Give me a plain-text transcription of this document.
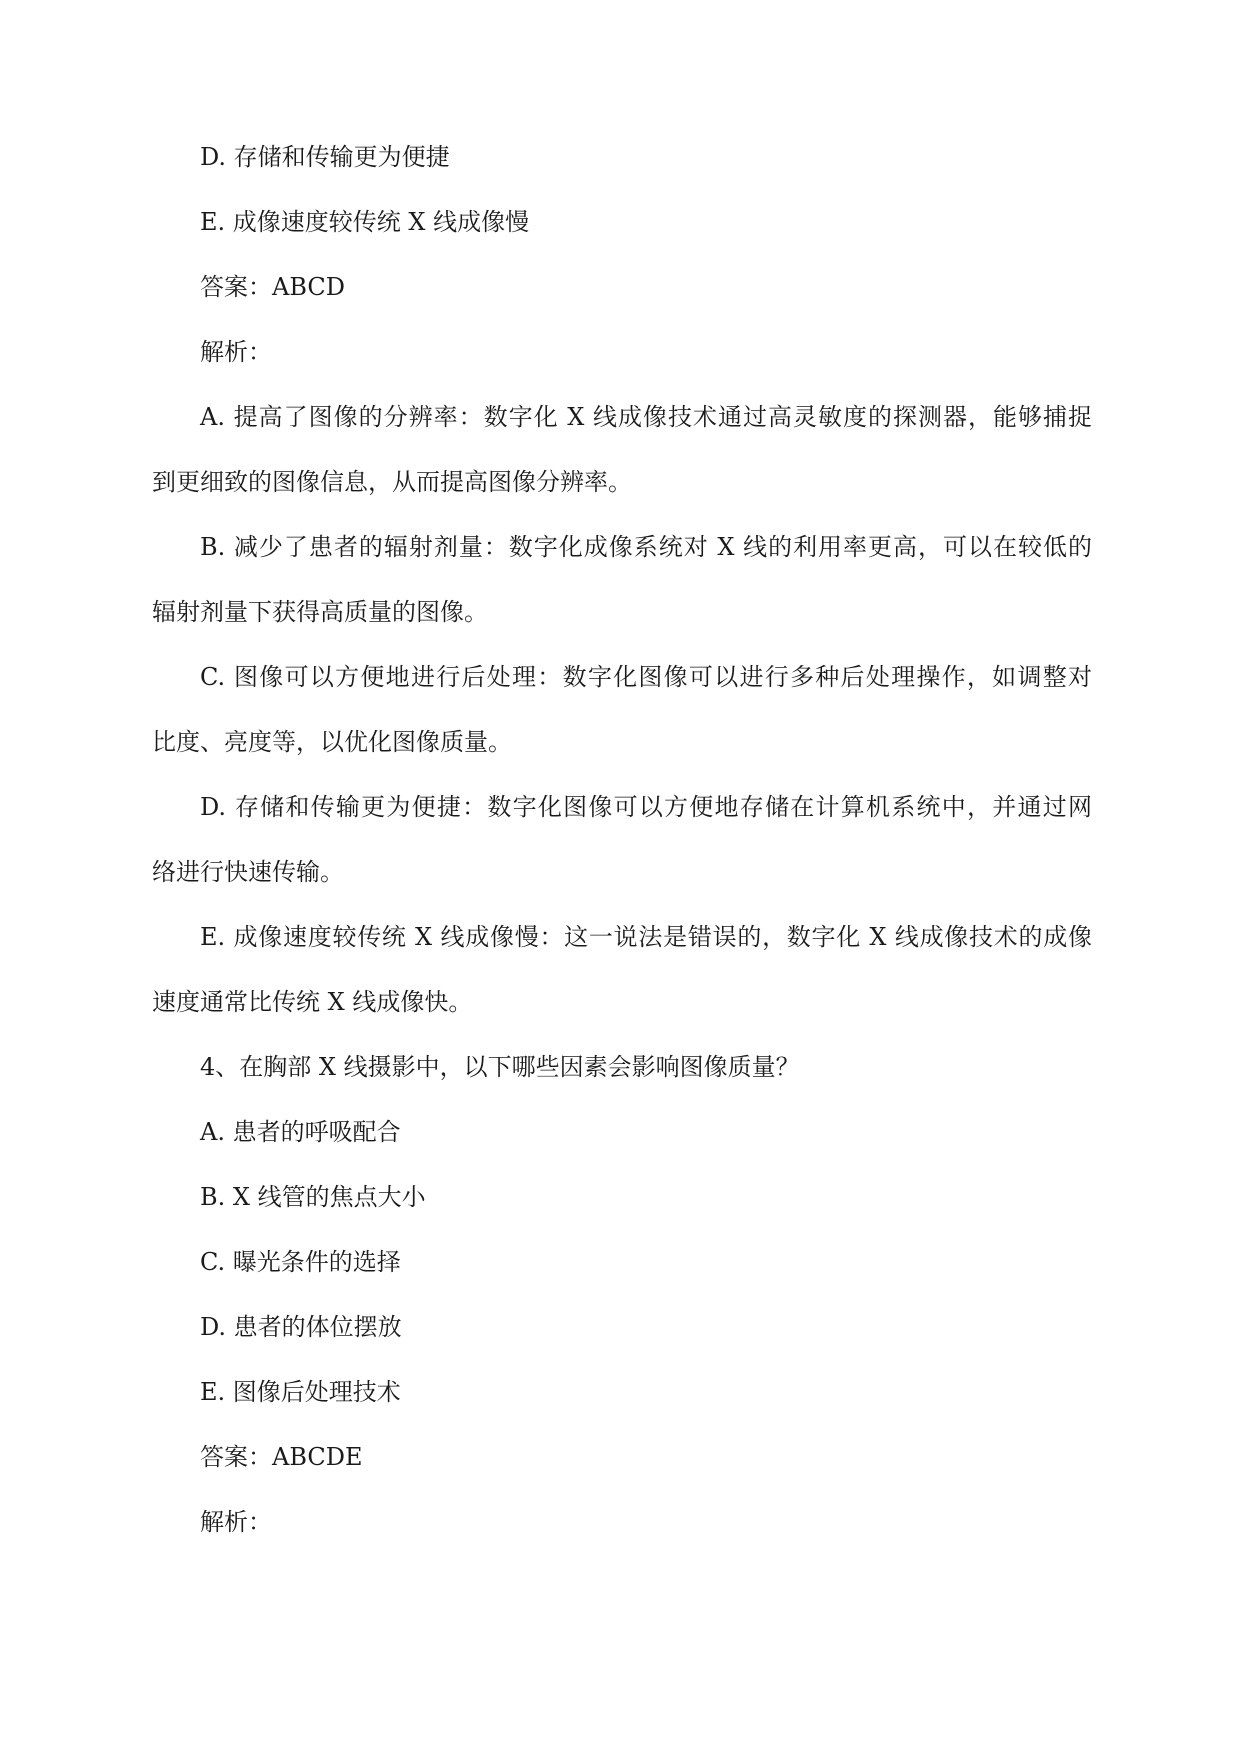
D. 存储和传输更为便捷
E. 成像速度较传统 X 线成像慢
答案：ABCD
解析：
A. 提高了图像的分辨率：数字化 X 线成像技术通过高灵敏度的探测器，能够捕捉
到更细致的图像信息，从而提高图像分辨率。
B. 减少了患者的辐射剂量：数字化成像系统对 X 线的利用率更高，可以在较低的
辐射剂量下获得高质量的图像。
C. 图像可以方便地进行后处理：数字化图像可以进行多种后处理操作，如调整对
比度、亮度等，以优化图像质量。
D. 存储和传输更为便捷：数字化图像可以方便地存储在计算机系统中，并通过网
络进行快速传输。
E. 成像速度较传统 X 线成像慢：这一说法是错误的，数字化 X 线成像技术的成像
速度通常比传统 X 线成像快。
4、在胸部 X 线摄影中，以下哪些因素会影响图像质量？
A. 患者的呼吸配合
B. X 线管的焦点大小
C. 曝光条件的选择
D. 患者的体位摆放
E. 图像后处理技术
答案：ABCDE
解析：
